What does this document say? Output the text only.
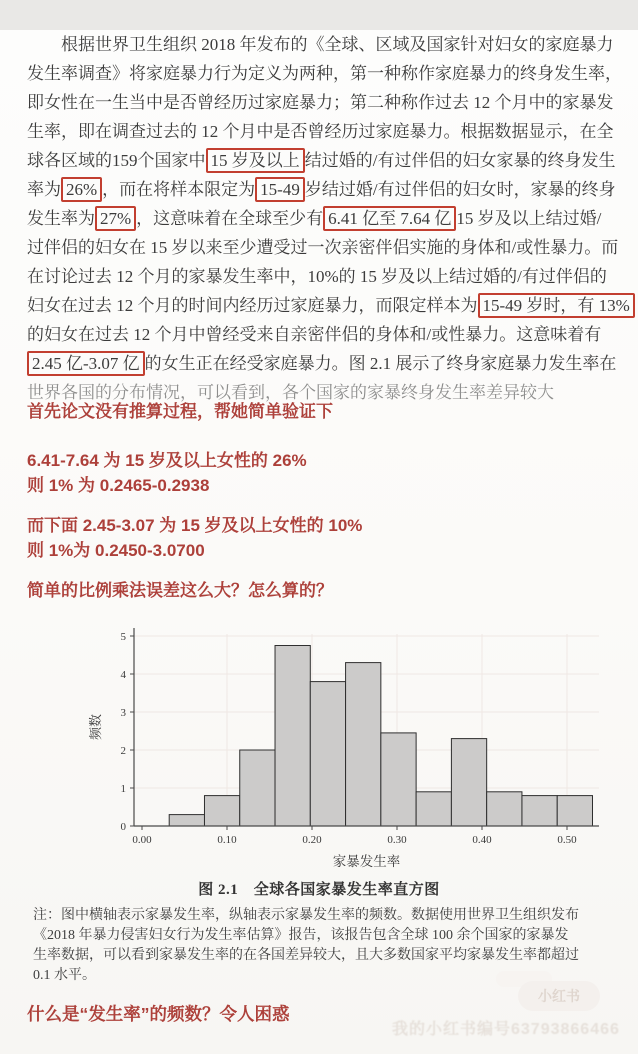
根据世界卫生组织 2018 年发布的《全球、区域及国家针对妇女的家庭暴力
发生率调查》将家庭暴力行为定义为两种，第一种称作家庭暴力的终身发生率，
即女性在一生当中是否曾经历过家庭暴力；第二种称作过去 12 个月中的家暴发
生率，即在调查过去的 12 个月中是否曾经历过家庭暴力。根据数据显示，在全
球各区域的159个国家中 15 岁及以上 结过婚的/有过伴侣的妇女家暴的终身发生
率为 26% ，而在将样本限定为 15-49 岁结过婚/有过伴侣的妇女时，家暴的终身
发生率为 27% ，这意味着在全球至少有 6.41 亿至 7.64 亿 15 岁及以上结过婚/
过伴侣的妇女在 15 岁以来至少遭受过一次亲密伴侣实施的身体和/或性暴力。而
在讨论过去 12 个月的家暴发生率中，10%的 15 岁及以上结过婚的/有过伴侣的
妇女在过去 12 个月的时间内经历过家庭暴力，而限定样本为 15-49 岁时，有 13%
的妇女在过去 12 个月中曾经受来自亲密伴侣的身体和/或性暴力。这意味着有
2.45 亿-3.07 亿 的女生正在经受家庭暴力。图 2.1 展示了终身家庭暴力发生率在
世界各国的分布情况，可以看到，各个国家的家暴终身发生率差异较大
首先论文没有推算过程，帮她简单验证下
6.41-7.64 为 15 岁及以上女性的 26%
则 1% 为 0.2465-0.2938
而下面 2.45-3.07 为 15 岁及以上女性的 10%
则 1%为 0.2450-3.0700
简单的比例乘法误差这么大？怎么算的？
0
1
2
3
4
5
0.00	0.10	0.20	0.30	0.40	0.50
频数
家暴发生率
图 2.1　全球各国家暴发生率直方图
注：图中横轴表示家暴发生率，纵轴表示家暴发生率的频数。数据使用世界卫生组织发布
《2018 年暴力侵害妇女行为发生率估算》报告，该报告包含全球 100 余个国家的家暴发
生率数据，可以看到家暴发生率的在各国差异较大，且大多数国家平均家暴发生率都超过
0.1 水平。
什么是“发生率”的频数？令人困惑
小红书
我的小红书编号63793866466
